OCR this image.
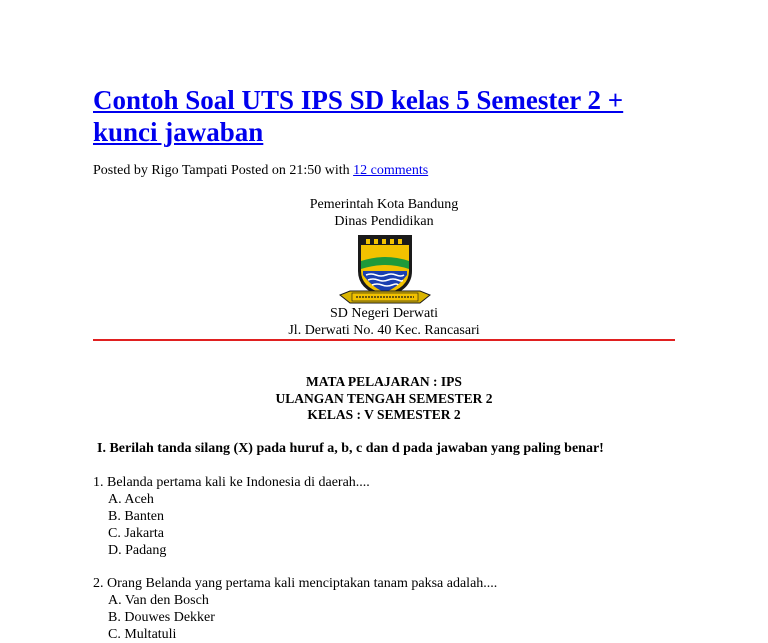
Contoh Soal UTS IPS SD kelas 5 Semester 2 + kunci jawaban
Posted by Rigo Tampati Posted on 21:50 with 12 comments
Pemerintah Kota Bandung
Dinas Pendidikan
SD Negeri Derwati
Jl. Derwati No. 40 Kec. Rancasari
MATA PELAJARAN : IPS
ULANGAN TENGAH SEMESTER 2
KELAS : V SEMESTER 2
I. Berilah tanda silang (X) pada huruf a, b, c dan d pada jawaban yang paling benar!
1. Belanda pertama kali ke Indonesia di daerah....
A. Aceh
B. Banten
C. Jakarta
D. Padang
2. Orang Belanda yang pertama kali menciptakan tanam paksa adalah....
A. Van den Bosch
B. Douwes Dekker
C. Multatuli
